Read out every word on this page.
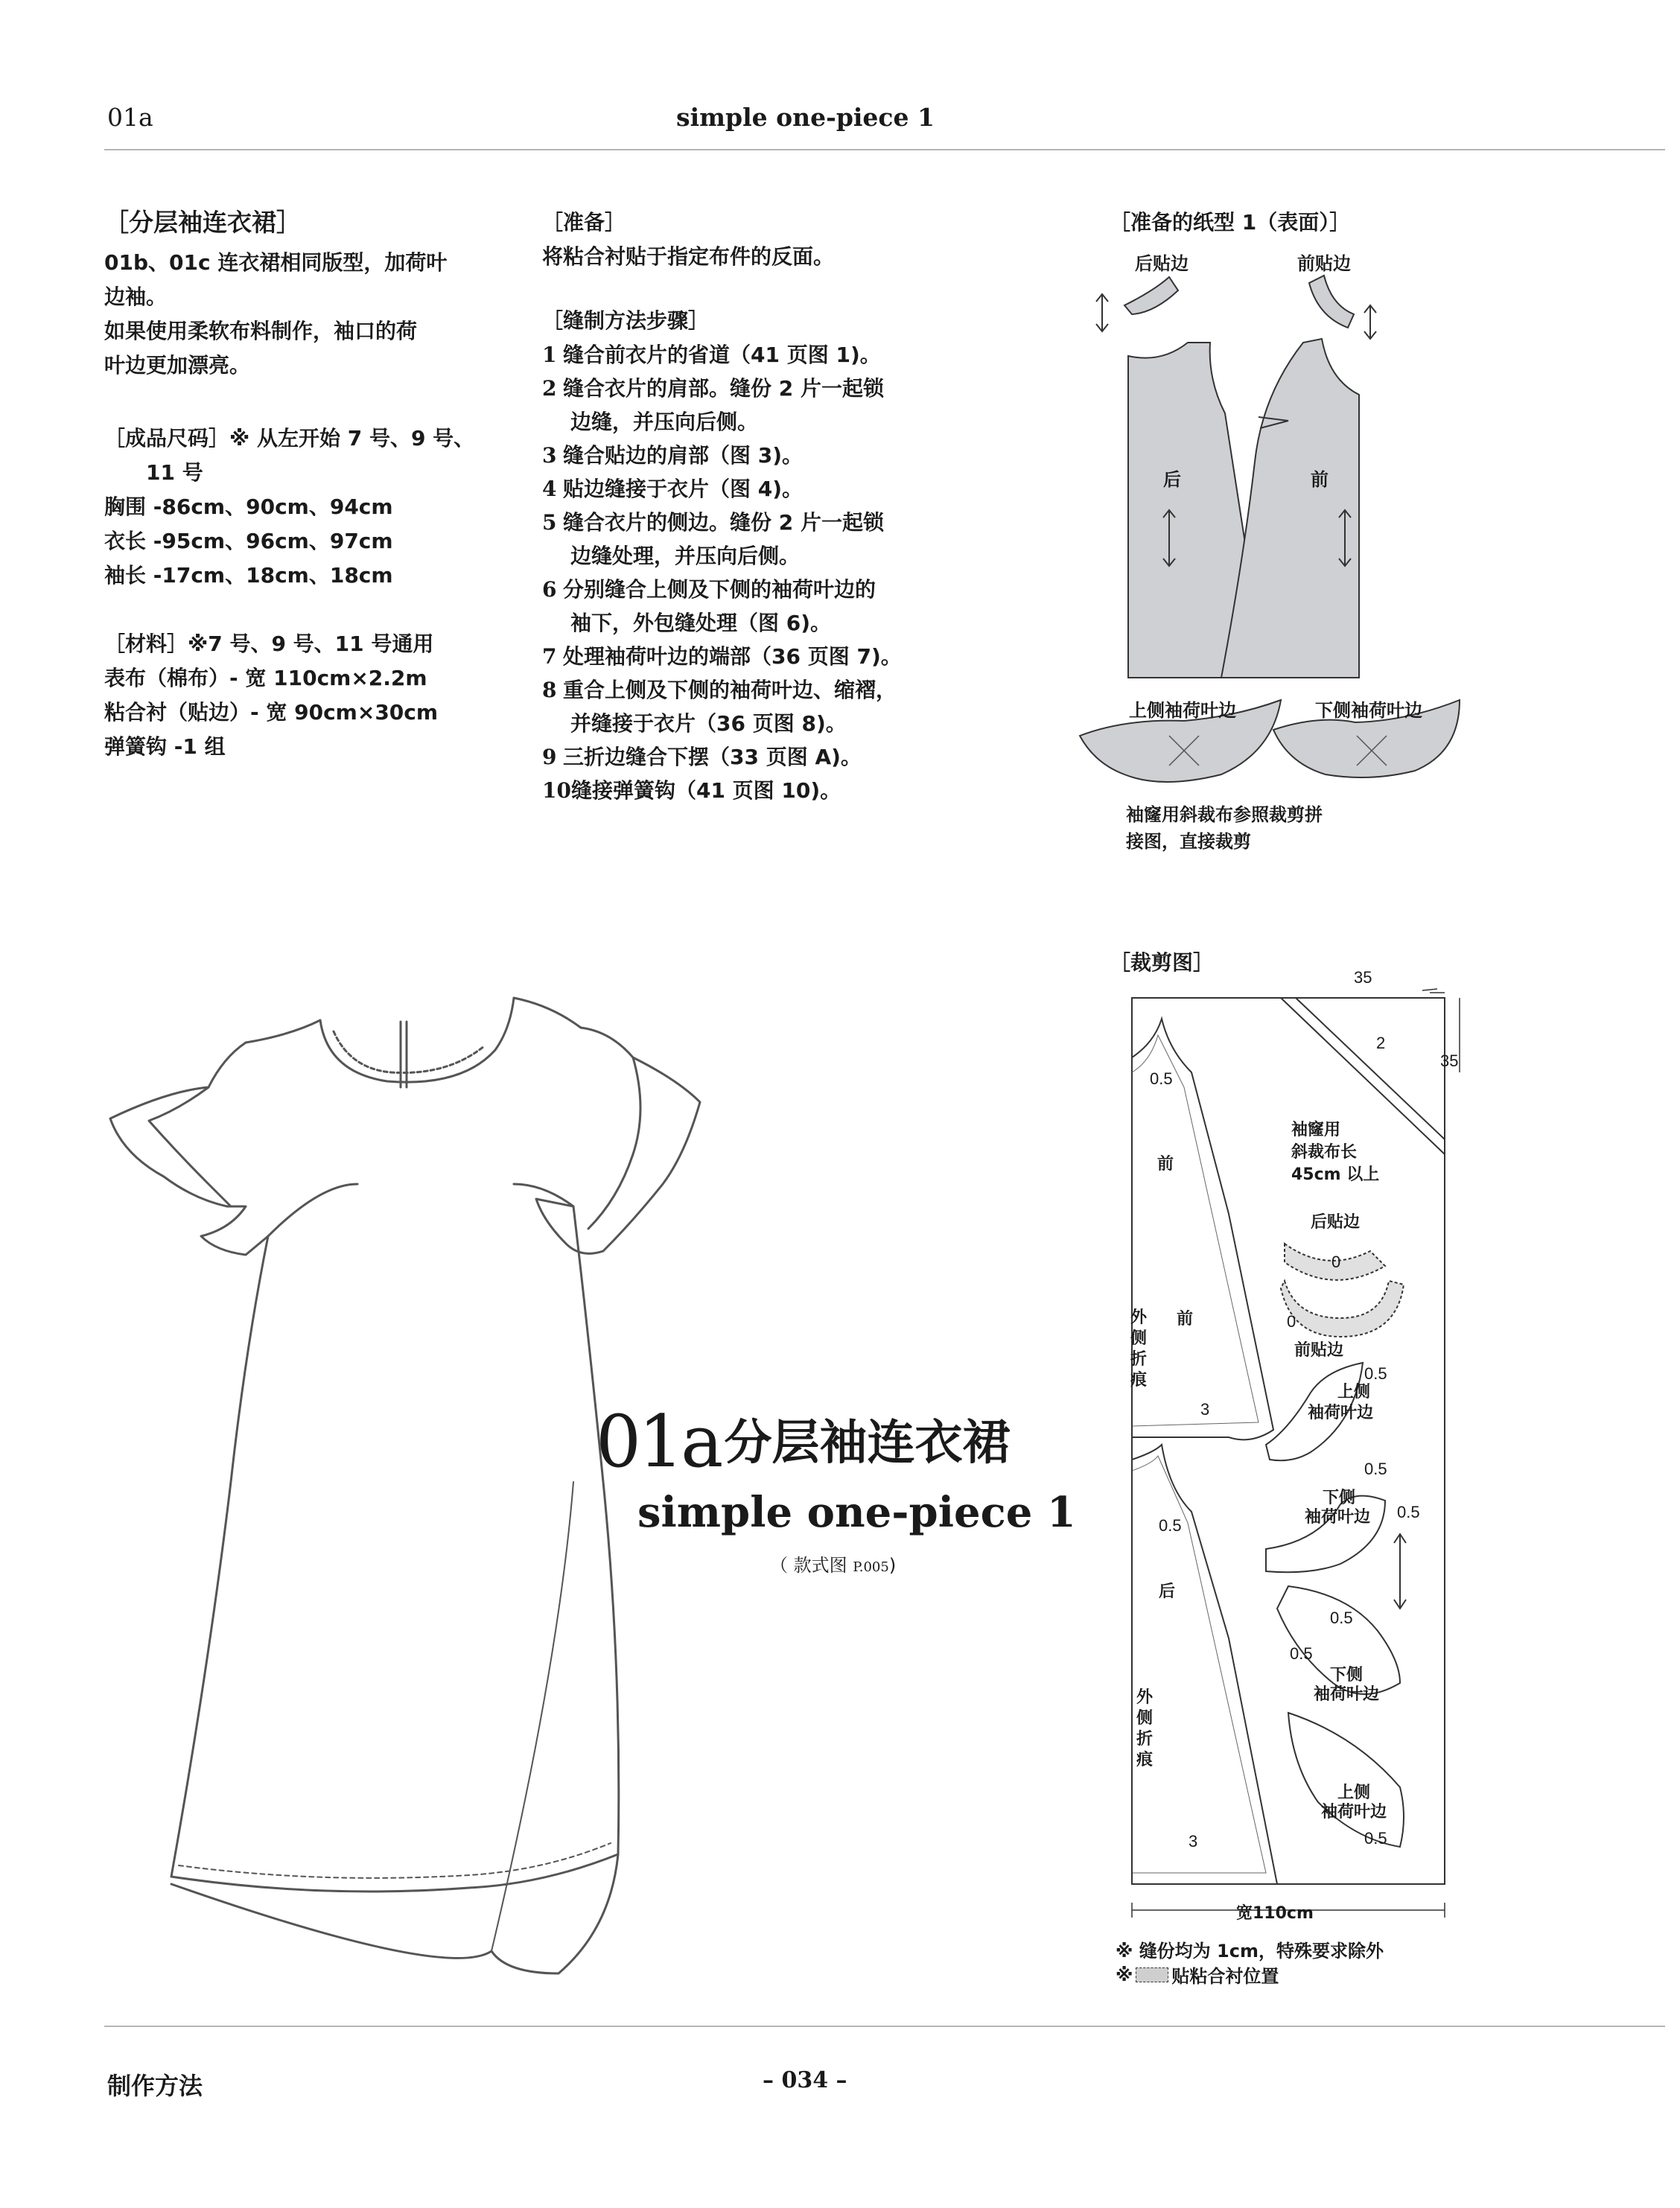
01a	simple one-piece 1
［分层袖连衣裙］
01b、01c 连衣裙相同版型，加荷叶
边袖。
如果使用柔软布料制作，袖口的荷
叶边更加漂亮。
［成品尺码］※ 从左开始 7 号、9 号、
11 号
胸围 -86cm、90cm、94cm
衣长 -95cm、96cm、97cm
袖长 -17cm、18cm、18cm
［材料］※7 号、9 号、11 号通用
表布（棉布）- 宽 110cm×2.2m
粘合衬（贴边）- 宽 90cm×30cm
弹簧钩 -1 组
［准备］
将粘合衬贴于指定布件的反面。
［缝制方法步骤］
1 缝合前衣片的省道（41 页图 1)。
2 缝合衣片的肩部。缝份 2 片一起锁
边缝，并压向后侧。
3 缝合贴边的肩部（图 3)。
4 贴边缝接于衣片（图 4)。
5 缝合衣片的侧边。缝份 2 片一起锁
边缝处理，并压向后侧。
6 分别缝合上侧及下侧的袖荷叶边的
袖下，外包缝处理（图 6)。
7 处理袖荷叶边的端部（36 页图 7)。
8 重合上侧及下侧的袖荷叶边、缩褶，
并缝接于衣片（36 页图 8)。
9 三折边缝合下摆（33 页图 A)。
10 缝接弹簧钩（41 页图 10)。
［准备的纸型 1（表面）］
后贴边	前贴边
后	前
上侧袖荷叶边	下侧袖荷叶边
袖窿用斜裁布参照裁剪拼
接图，直接裁剪
［裁剪图］
35
35
2
袖窿用
斜裁布长
45cm 以上
0.5
前
前
外
侧
折
痕
后贴边
0
0
前贴边
0.5
上侧
袖荷叶边
3
0.5
下侧
袖荷叶边 0.5
0.5
后
0.5
0.5
下侧
袖荷叶边
外
侧
折
痕
上侧
袖荷叶边
0.5
3
宽110cm
※ 缝份均为 1cm，特殊要求除外
※ 贴粘合衬位置
01a 分层袖连衣裙
simple one-piece 1
（ 款式图 P.005)
制作方法	– 034 –
